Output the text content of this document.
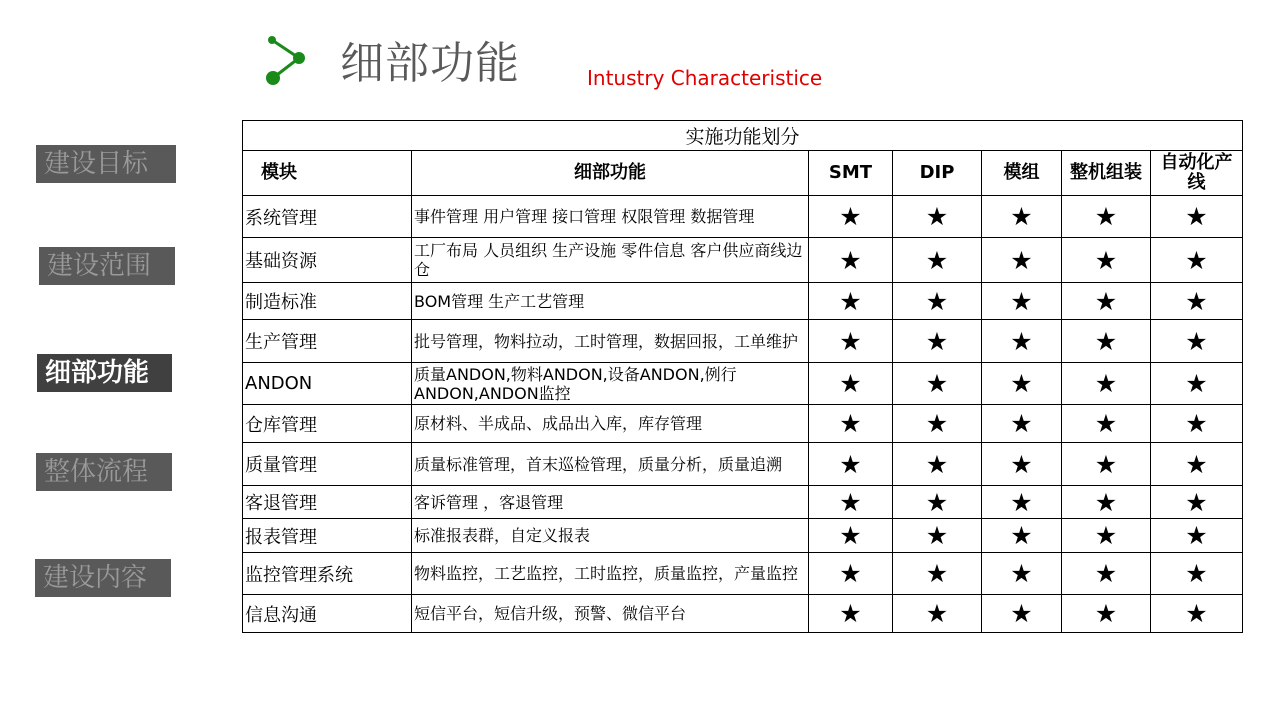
细部功能	Intustry Characteristice
建设目标
建设范围
细部功能
整体流程
建设内容
实施功能划分						
模块	细部功能	SMT	DIP	模组	整机组装	自动化产线
系统管理	事件管理 用户管理 接口管理 权限管理 数据管理	★	★	★	★	★
基础资源	工厂布局 人员组织 生产设施 零件信息 客户供应商线边仓	★	★	★	★	★
制造标准	BOM管理 生产工艺管理	★	★	★	★	★
生产管理	批号管理，物料拉动，工时管理，数据回报，工单维护	★	★	★	★	★
ANDON	质量ANDON,物料ANDON,设备ANDON,例行ANDON,ANDON监控	★	★	★	★	★
仓库管理	原材料、半成品、成品出入库，库存管理	★	★	★	★	★
质量管理	质量标准管理，首末巡检管理，质量分析，质量追溯	★	★	★	★	★
客退管理	客诉管理 ，客退管理	★	★	★	★	★
报表管理	标准报表群，自定义报表	★	★	★	★	★
监控管理系统	物料监控，工艺监控，工时监控，质量监控，产量监控	★	★	★	★	★
信息沟通	短信平台，短信升级，预警、微信平台	★	★	★	★	★
